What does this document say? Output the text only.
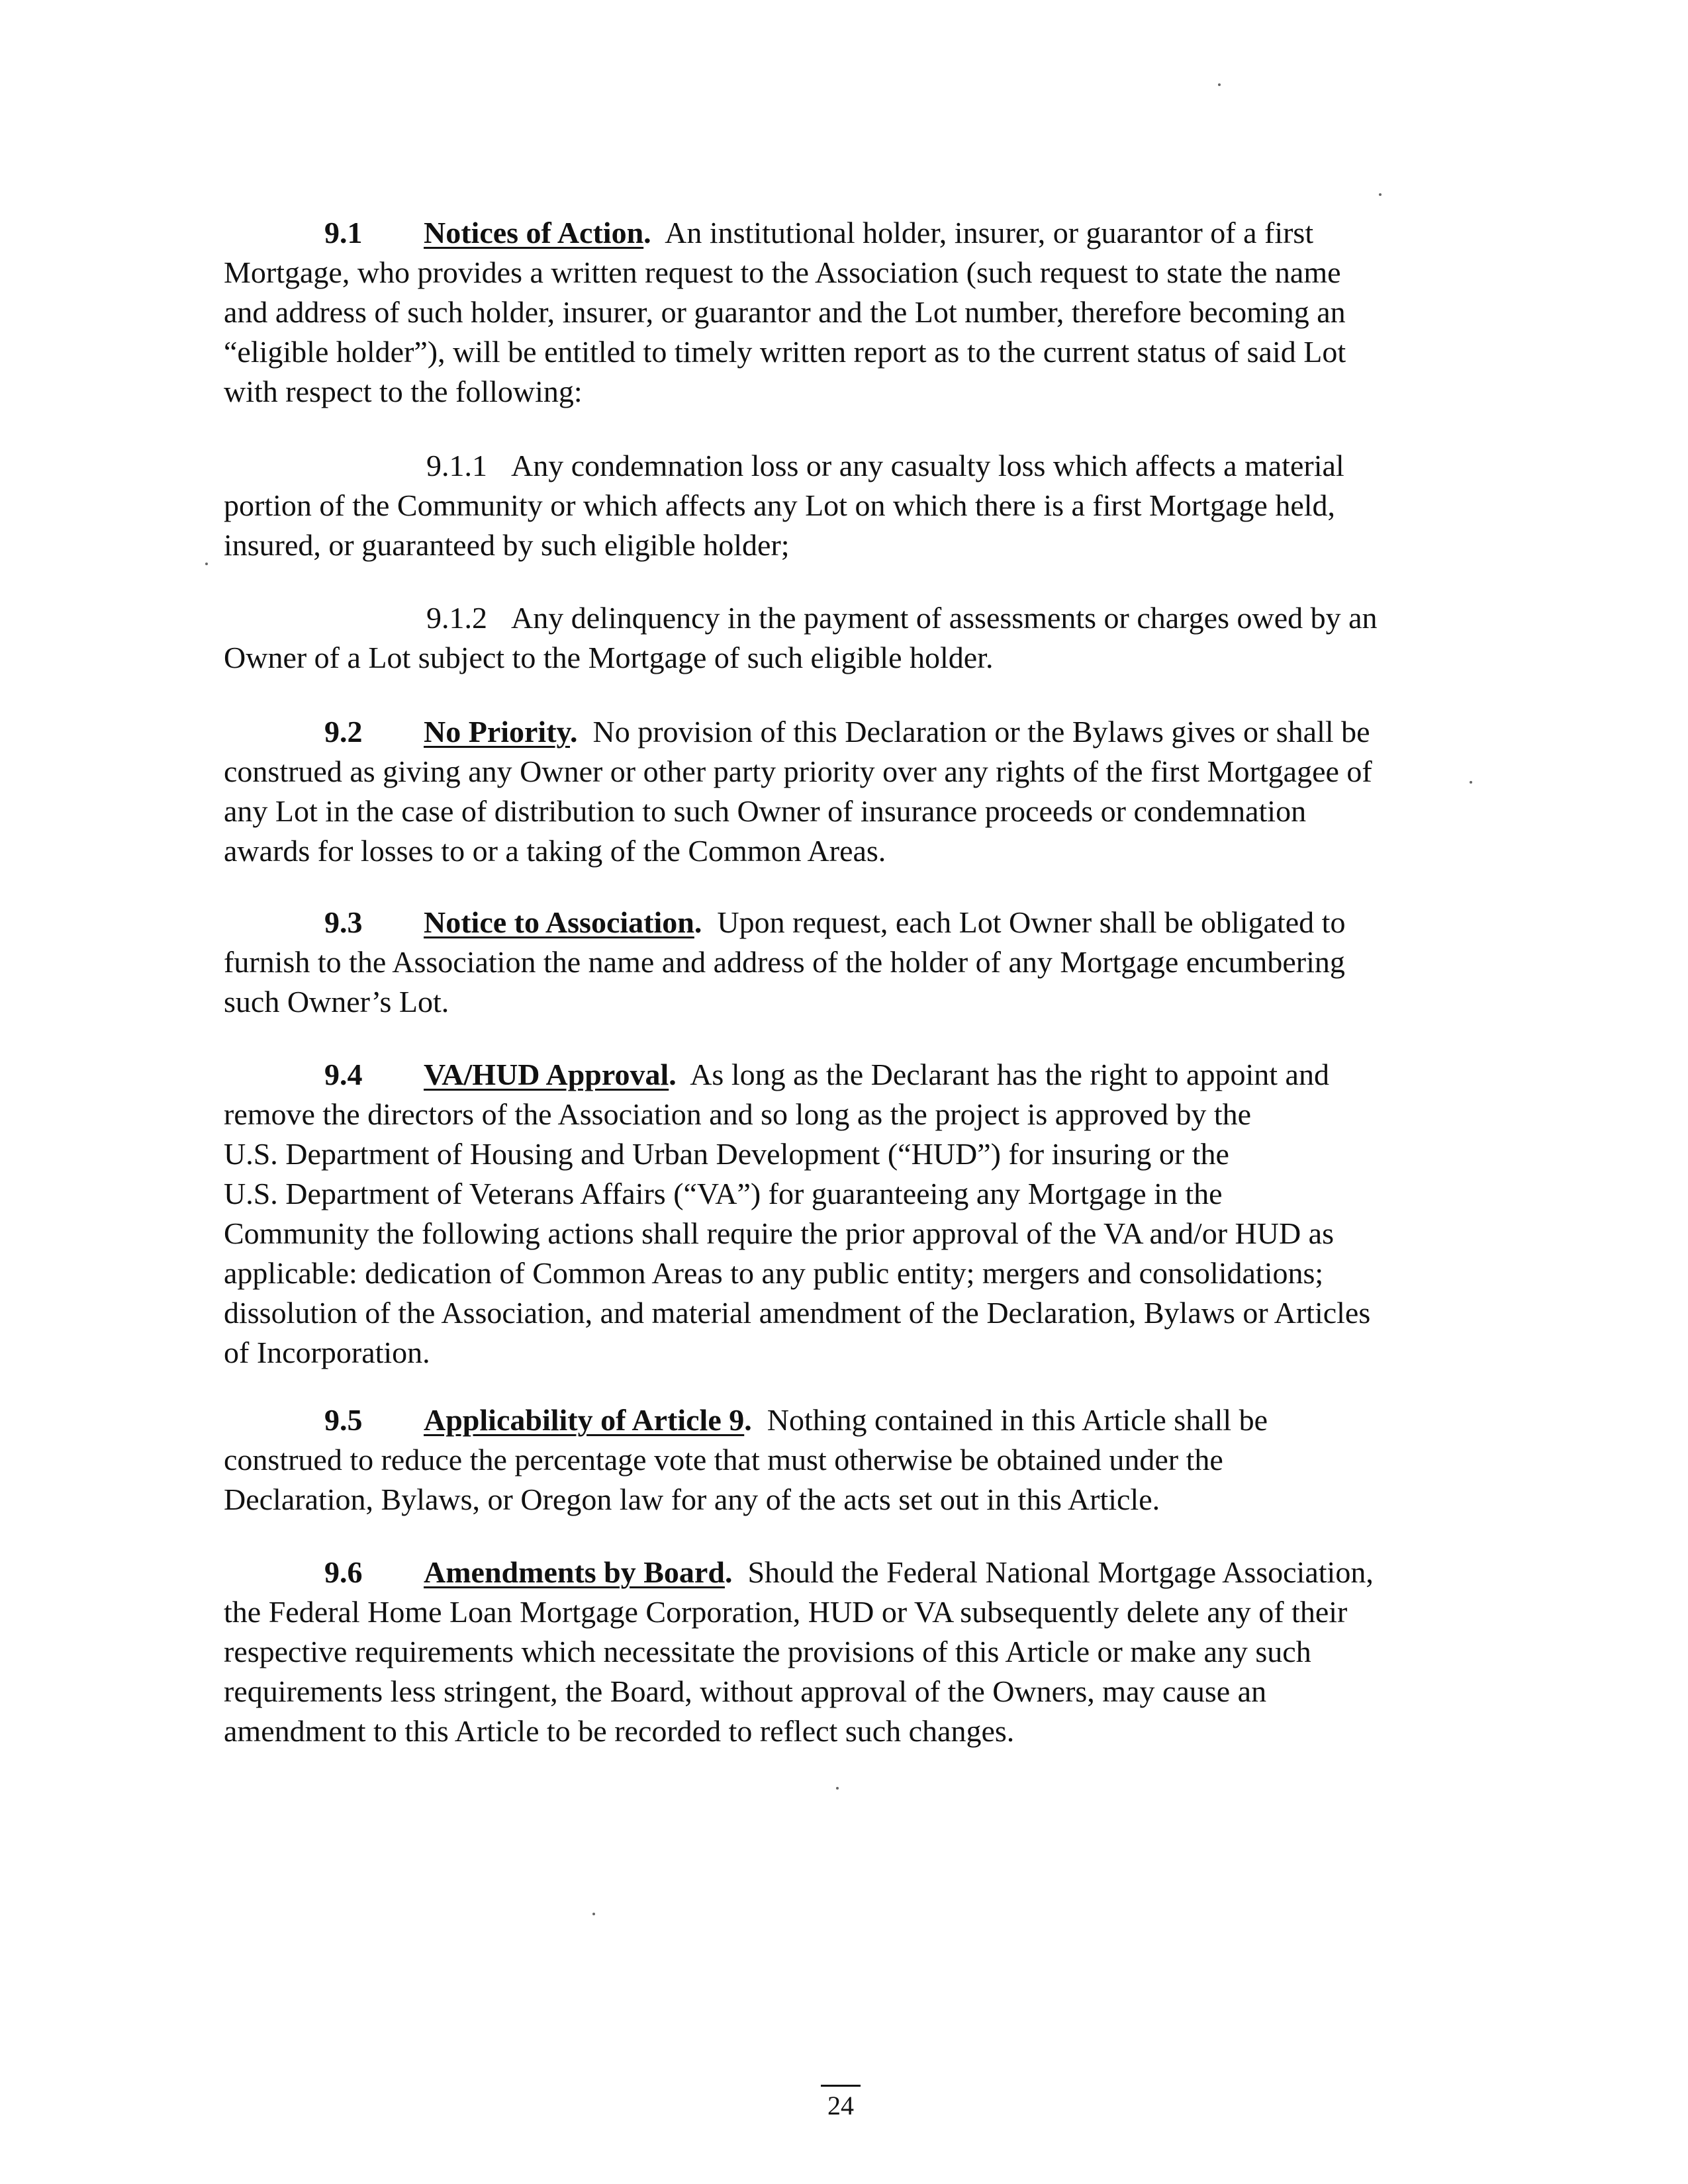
9.1 Notices of Action. An institutional holder, insurer, or guarantor of a first
Mortgage, who provides a written request to the Association (such request to state the name
and address of such holder, insurer, or guarantor and the Lot number, therefore becoming an
“eligible holder”), will be entitled to timely written report as to the current status of said Lot
with respect to the following:
9.1.1 Any condemnation loss or any casualty loss which affects a material
portion of the Community or which affects any Lot on which there is a first Mortgage held,
insured, or guaranteed by such eligible holder;
9.1.2 Any delinquency in the payment of assessments or charges owed by an
Owner of a Lot subject to the Mortgage of such eligible holder.
9.2 No Priority. No provision of this Declaration or the Bylaws gives or shall be
construed as giving any Owner or other party priority over any rights of the first Mortgagee of
any Lot in the case of distribution to such Owner of insurance proceeds or condemnation
awards for losses to or a taking of the Common Areas.
9.3 Notice to Association. Upon request, each Lot Owner shall be obligated to
furnish to the Association the name and address of the holder of any Mortgage encumbering
such Owner’s Lot.
9.4 VA/HUD Approval. As long as the Declarant has the right to appoint and
remove the directors of the Association and so long as the project is approved by the
U.S. Department of Housing and Urban Development (“HUD”) for insuring or the
U.S. Department of Veterans Affairs (“VA”) for guaranteeing any Mortgage in the
Community the following actions shall require the prior approval of the VA and/or HUD as
applicable: dedication of Common Areas to any public entity; mergers and consolidations;
dissolution of the Association, and material amendment of the Declaration, Bylaws or Articles
of Incorporation.
9.5 Applicability of Article 9. Nothing contained in this Article shall be
construed to reduce the percentage vote that must otherwise be obtained under the
Declaration, Bylaws, or Oregon law for any of the acts set out in this Article.
9.6 Amendments by Board. Should the Federal National Mortgage Association,
the Federal Home Loan Mortgage Corporation, HUD or VA subsequently delete any of their
respective requirements which necessitate the provisions of this Article or make any such
requirements less stringent, the Board, without approval of the Owners, may cause an
amendment to this Article to be recorded to reflect such changes.
24
